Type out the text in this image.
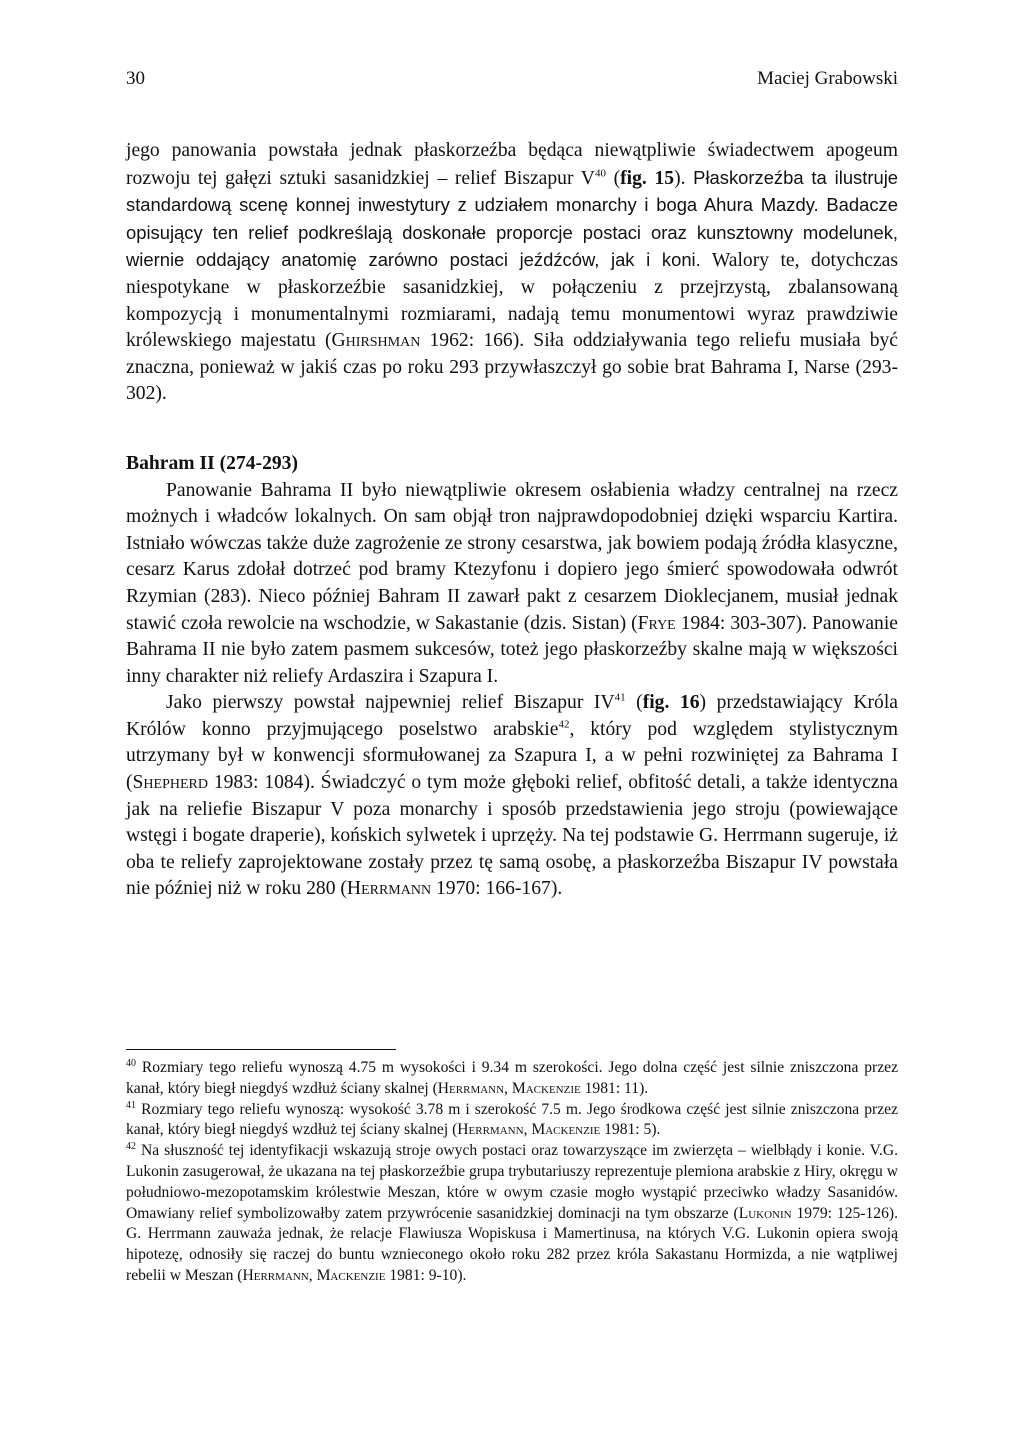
30	Maciej Grabowski

jego panowania powstała jednak płaskorzeźba będąca niewątpliwie świadectwem apogeum rozwoju tej gałęzi sztuki sasanidzkiej – relief Biszapur $V^{40}$ (fig. 15). Płaskorzeźba ta ilustruje standardową scenę konnej inwestytury z udziałem monarchy i boga Ahura Mazdy. Badacze opisujący ten relief podkreślają doskonałe proporcje postaci oraz kunsztowny modelunek, wiernie oddający anatomię zarówno postaci jeźdźców, jak i koni. Walory te, dotychczas niespotykane w płaskorzeźbie sasanidzkiej, w połączeniu z przejrzystą, zbalansowaną kompozycją i monumentalnymi rozmiarami, nadają temu monumentowi wyraz prawdziwie królewskiego majestatu (Ghirshman 1962: 166). Siła oddziaływania tego reliefu musiała być znaczna, ponieważ w jakiś czas po roku 293 przywłaszczył go sobie brat Bahrama I, Narse (293-302).

Bahram II (274-293)

Panowanie Bahrama II było niewątpliwie okresem osłabienia władzy centralnej na rzecz możnych i władców lokalnych. On sam objął tron najprawdopodobniej dzięki wsparciu Kartira. Istniało wówczas także duże zagrożenie ze strony cesarstwa, jak bowiem podają źródła klasyczne, cesarz Karus zdołał dotrzeć pod bramy Ktezyfonu i dopiero jego śmierć spowodowała odwrót Rzymian (283). Nieco później Bahram II zawarł pakt z cesarzem Dioklecjanem, musiał jednak stawić czoła rewolcie na wschodzie, w Sakastanie (dzis. Sistan) (Frye 1984: 303-307). Panowanie Bahrama II nie było zatem pasmem sukcesów, toteż jego płaskorzeźby skalne mają w większości inny charakter niż reliefy Ardaszira i Szapura I.

Jako pierwszy powstał najpewniej relief Biszapur IV$^{41}$ (fig. 16) przedstawiający Króla Królów konno przyjmującego poselstwo arabskie$^{42}$, który pod względem stylistycznym utrzymany był w konwencji sformułowanej za Szapura I, a w pełni rozwiniętej za Bahrama I (Shepherd 1983: 1084). Świadczyć o tym może głęboki relief, obfitość detali, a także identyczna jak na reliefie Biszapur V poza monarchy i sposób przedstawienia jego stroju (powiewające wstęgi i bogate draperie), końskich sylwetek i uprzęży. Na tej podstawie G. Herrmann sugeruje, iż oba te reliefy zaprojektowane zostały przez tę samą osobę, a płaskorzeźba Biszapur IV powstała nie później niż w roku 280 (Herrmann 1970: 166-167).

$^{40}$ Rozmiary tego reliefu wynoszą 4.75 m wysokości i 9.34 m szerokości. Jego dolna część jest silnie zniszczona przez kanał, który biegł niegdyś wzdłuż ściany skalnej (Herrmann, Mackenzie 1981: 11).

$^{41}$ Rozmiary tego reliefu wynoszą: wysokość 3.78 m i szerokość 7.5 m. Jego środkowa część jest silnie zniszczona przez kanał, który biegł niegdyś wzdłuż tej ściany skalnej (Herrmann, Mackenzie 1981: 5).

$^{42}$ Na słuszność tej identyfikacji wskazują stroje owych postaci oraz towarzyszące im zwierzęta – wielbłądy i konie. V.G. Lukonin zasugerował, że ukazana na tej płaskorzeźbie grupa trybutariuszy reprezentuje plemiona arabskie z Hiry, okręgu w południowo-mezopotamskim królestwie Meszan, które w owym czasie mogło wystąpić przeciwko władzy Sasanidów. Omawiany relief symbolizowałby zatem przywrócenie sasanidzkiej dominacji na tym obszarze (Lukonin 1979: 125-126). G. Herrmann zauważa jednak, że relacje Flawiusza Wopiskusa i Mamertinusa, na których V.G. Lukonin opiera swoją hipotezę, odnosiły się raczej do buntu wznieconego około roku 282 przez króla Sakastanu Hormizda, a nie wątpliwej rebelii w Meszan (Herrmann, Mackenzie 1981: 9-10).
